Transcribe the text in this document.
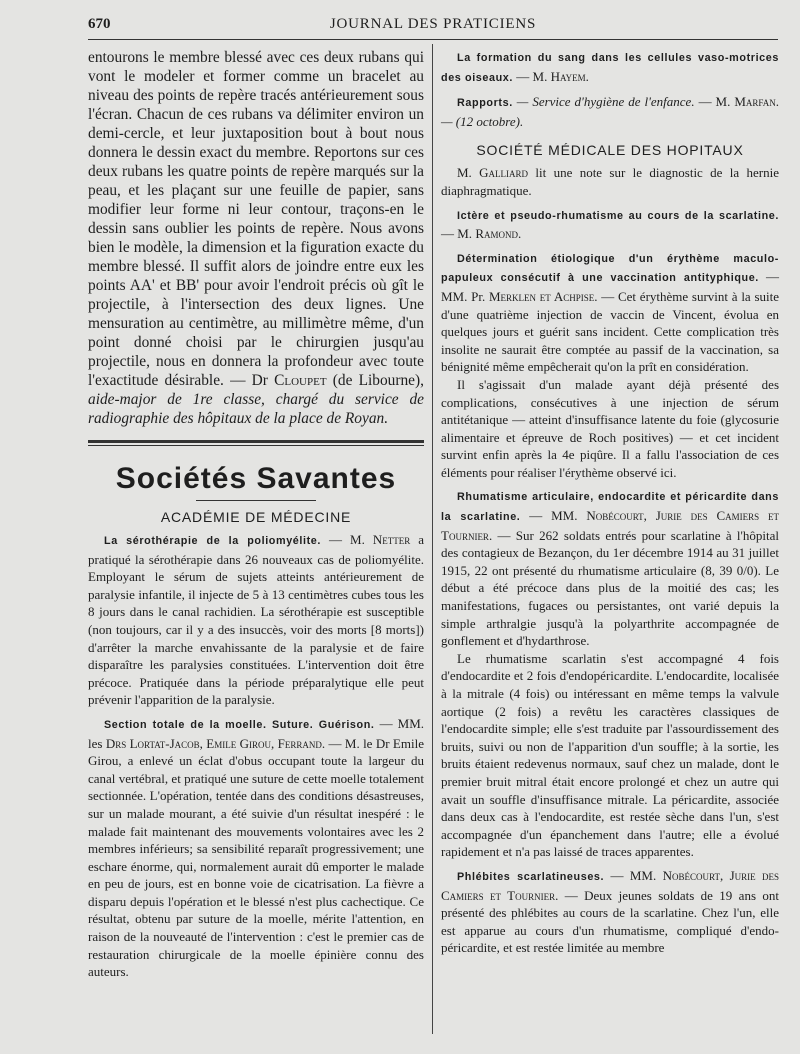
JOURNAL DES PRATICIENS
670

entourons le membre blessé avec ces deux rubans qui vont le modeler et former comme un bracelet au niveau des points de repère tracés antérieurement sous l'écran. Chacun de ces rubans va délimiter environ un demi-cercle, et leur juxtaposition bout à bout nous donnera le dessin exact du membre. Reportons sur ces deux rubans les quatre points de repère marqués sur la peau, et les plaçant sur une feuille de papier, sans modifier leur forme ni leur contour, traçons-en le dessin sans oublier les points de repère. Nous avons bien le modèle, la dimension et la figuration exacte du membre blessé. Il suffit alors de joindre entre eux les points AA' et BB' pour avoir l'endroit précis où gît le projectile, à l'intersection des deux lignes. Une mensuration au centimètre, au millimètre même, d'un point donné choisi par le chirurgien jusqu'au projectile, nous en donnera la profondeur avec toute l'exactitude désirable. — Dr Cloupet (de Libourne), aide-major de 1re classe, chargé du service de radiographie des hôpitaux de la place de Royan.

Sociétés Savantes
ACADÉMIE DE MÉDECINE

La sérothérapie de la poliomyélite. — M. Netter a pratiqué la sérothérapie dans 26 nouveaux cas de poliomyélite. Employant le sérum de sujets atteints antérieurement de paralysie infantile, il injecte de 5 à 13 centimètres cubes tous les 8 jours dans le canal rachidien. La sérothérapie est susceptible (non toujours, car il y a des insuccès, voir des morts [8 morts]) d'arrêter la marche envahissante de la paralysie et de faire disparaître les paralysies constituées. L'intervention doit être précoce. Pratiquée dans la période préparalytique elle peut prévenir l'apparition de la paralysie.

Section totale de la moelle. Suture. Guérison. — MM. les Drs Lortat-Jacob, Emile Girou, Ferrand. — M. le Dr Emile Girou, a enlevé un éclat d'obus occupant toute la largeur du canal vertébral, et pratiqué une suture de cette moelle totalement sectionnée. L'opération, tentée dans des conditions désastreuses, sur un malade mourant, a été suivie d'un résultat inespéré : le malade fait maintenant des mouvements volontaires avec les 2 membres inférieurs; sa sensibilité reparaît progressivement; une eschare énorme, qui, normalement aurait dû emporter le malade en peu de jours, est en bonne voie de cicatrisation. La fièvre a disparu depuis l'opération et le blessé n'est plus cachectique. Ce résultat, obtenu par suture de la moelle, mérite l'attention, en raison de la nouveauté de l'intervention : c'est le premier cas de restauration chirurgicale de la moelle épinière connu des auteurs.

La formation du sang dans les cellules vaso-motrices des oiseaux. — M. Hayem.

Rapports. — Service d'hygiène de l'enfance. — M. Marfan. — (12 octobre).

SOCIÉTÉ MÉDICALE DES HOPITAUX

M. Galliard lit une note sur le diagnostic de la hernie diaphragmatique.

Ictère et pseudo-rhumatisme au cours de la scarlatine. — M. Ramond.

Détermination étiologique d'un érythème maculo-papuleux consécutif à une vaccination antityphique. — MM. Pr. Merklen et Achpise. — Cet érythème survint à la suite d'une quatrième injection de vaccin de Vincent, évolua en quelques jours et guérit sans incident. Cette complication très insolite ne saurait être comptée au passif de la vaccination, sa bénignité même empêcherait qu'on la prît en considération.

Il s'agissait d'un malade ayant déjà présenté des complications, consécutives à une injection de sérum antitétanique — atteint d'insuffisance latente du foie (glycosurie alimentaire et épreuve de Roch positives) — et cet incident survint enfin après la 4e piqûre. Il a fallu l'association de ces éléments pour réaliser l'érythème observé ici.

Rhumatisme articulaire, endocardite et péricardite dans la scarlatine. — MM. Nobécourt, Jurie des Camiers et Tournier. — Sur 262 soldats entrés pour scarlatine à l'hôpital des contagieux de Bezançon, du 1er décembre 1914 au 31 juillet 1915, 22 ont présenté du rhumatisme articulaire (8, 39 0/0). Le début a été précoce dans plus de la moitié des cas; les manifestations, fugaces ou persistantes, ont varié depuis la simple arthralgie jusqu'à la polyarthrite accompagnée de gonflement et d'hydarthrose.

Le rhumatisme scarlatin s'est accompagné 4 fois d'endocardite et 2 fois d'endopéricardite. L'endocardite, localisée à la mitrale (4 fois) ou intéressant en même temps la valvule aortique (2 fois) a revêtu les caractères classiques de l'endocardite simple; elle s'est traduite par l'assourdissement des bruits, suivi ou non de l'apparition d'un souffle; à la sortie, les bruits étaient redevenus normaux, sauf chez un malade, dont le premier bruit mitral était encore prolongé et chez un autre qui avait un souffle d'insuffisance mitrale. La péricardite, associée dans deux cas à l'endocardite, est restée sèche dans l'un, s'est accompagnée d'un épanchement dans l'autre; elle a évolué rapidement et n'a pas laissé de traces apparentes.

Phlébites scarlatineuses. — MM. Nobécourt, Jurie des Camiers et Tournier. — Deux jeunes soldats de 19 ans ont présenté des phlébites au cours de la scarlatine. Chez l'un, elle est apparue au cours d'un rhumatisme, compliqué d'endo-péricardite, et est restée limitée au membre
